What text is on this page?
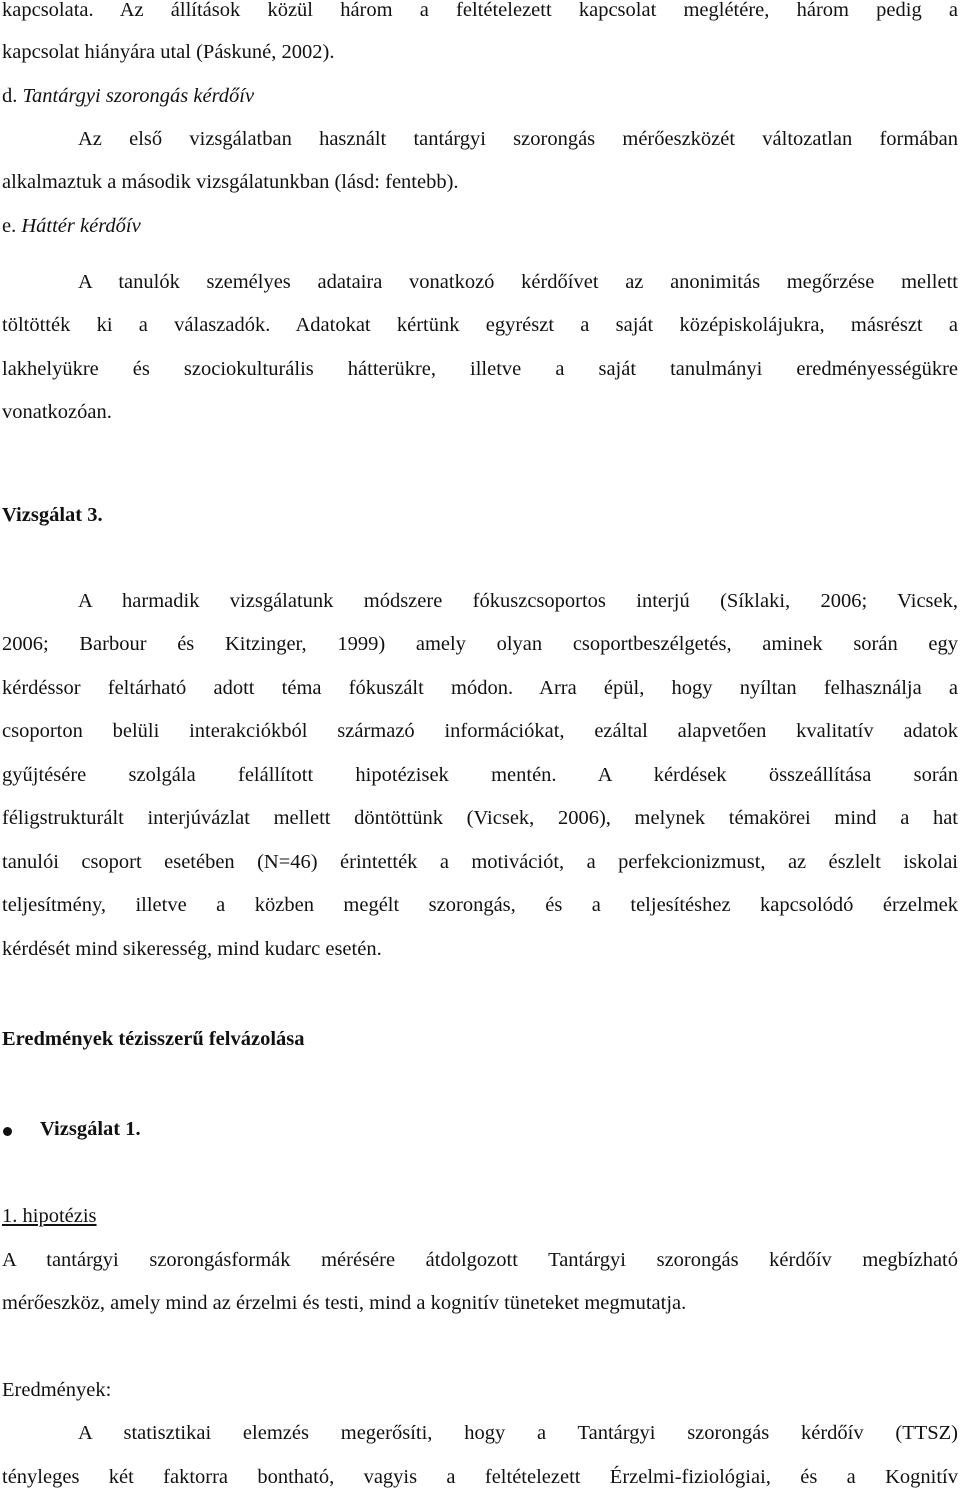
kapcsolata. Az állítások közül három a feltételezett kapcsolat meglétére, három pedig a
kapcsolat hiányára utal (Páskuné, 2002).
d. Tantárgyi szorongás kérdőív
Az első vizsgálatban használt tantárgyi szorongás mérőeszközét változatlan formában
alkalmaztuk a második vizsgálatunkban (lásd: fentebb).
e. Háttér kérdőív
A tanulók személyes adataira vonatkozó kérdőívet az anonimitás megőrzése mellett
töltötték ki a válaszadók. Adatokat kértünk egyrészt a saját középiskolájukra, másrészt a
lakhelyükre és szociokulturális hátterükre, illetve a saját tanulmányi eredményességükre
vonatkozóan.
Vizsgálat 3.
A harmadik vizsgálatunk módszere fókuszcsoportos interjú (Síklaki, 2006; Vicsek,
2006; Barbour és Kitzinger, 1999) amely olyan csoportbeszélgetés, aminek során egy
kérdéssor feltárható adott téma fókuszált módon. Arra épül, hogy nyíltan felhasználja a
csoporton belüli interakciókból származó információkat, ezáltal alapvetően kvalitatív adatok
gyűjtésére szolgála felállított hipotézisek mentén. A kérdések összeállítása során
féligstrukturált interjúvázlat mellett döntöttünk (Vicsek, 2006), melynek témakörei mind a hat
tanulói csoport esetében (N=46) érintették a motivációt, a perfekcionizmust, az észlelt iskolai
teljesítmény, illetve a közben megélt szorongás, és a teljesítéshez kapcsolódó érzelmek
kérdését mind sikeresség, mind kudarc esetén.
Eredmények tézisszerű felvázolása
Vizsgálat 1.
1. hipotézis
A tantárgyi szorongásformák mérésére átdolgozott Tantárgyi szorongás kérdőív megbízható
mérőeszköz, amely mind az érzelmi és testi, mind a kognitív tüneteket megmutatja.
Eredmények:
A statisztikai elemzés megerősíti, hogy a Tantárgyi szorongás kérdőív (TTSZ)
tényleges két faktorra bontható, vagyis a feltételezett Érzelmi-fiziológiai, és a Kognitív
